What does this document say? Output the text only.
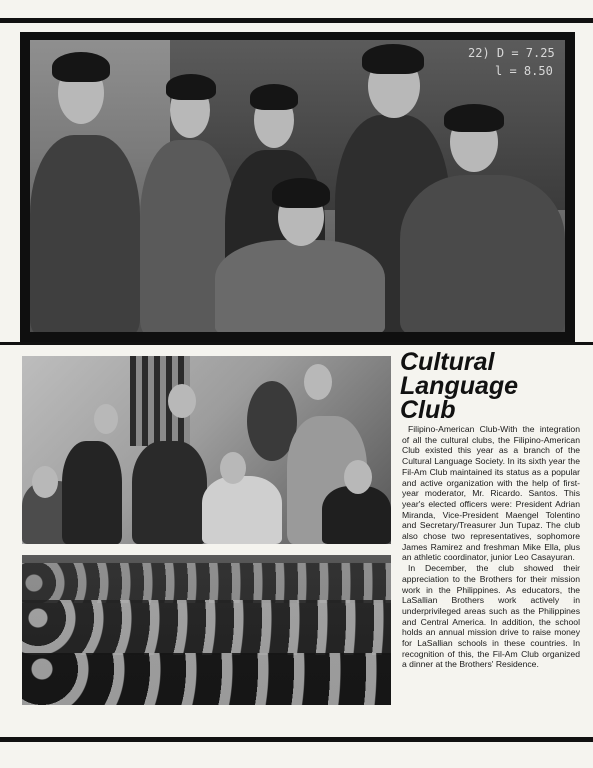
22) D = 7.25
l = 8.50
Cultural
Language
Club

Filipino-American Club-With the integration of all the cultural clubs, the Filipino-American Club existed this year as a branch of the Cultural Language Society. In its sixth year the Fil-Am Club maintained its status as a popular and active organization with the help of first-year moderator, Mr. Ricardo. Santos. This year's elected officers were: President Adrian Miranda, Vice-President Maengel Tolentino and Secretary/Treasurer Jun Tupaz. The club also chose two representatives, sophomore James Ramirez and freshman Mike Ella, plus an athletic coordinator, junior Leo Casayuran.

In December, the club showed their appreciation to the Brothers for their mission work in the Philippines. As educators, the LaSallian Brothers work actively in underprivileged areas such as the Philippines and Central America. In addition, the school holds an annual mission drive to raise money for LaSallian schools in these countries. In recognition of this, the Fil-Am Club organized a dinner at the Brothers' Residence.
